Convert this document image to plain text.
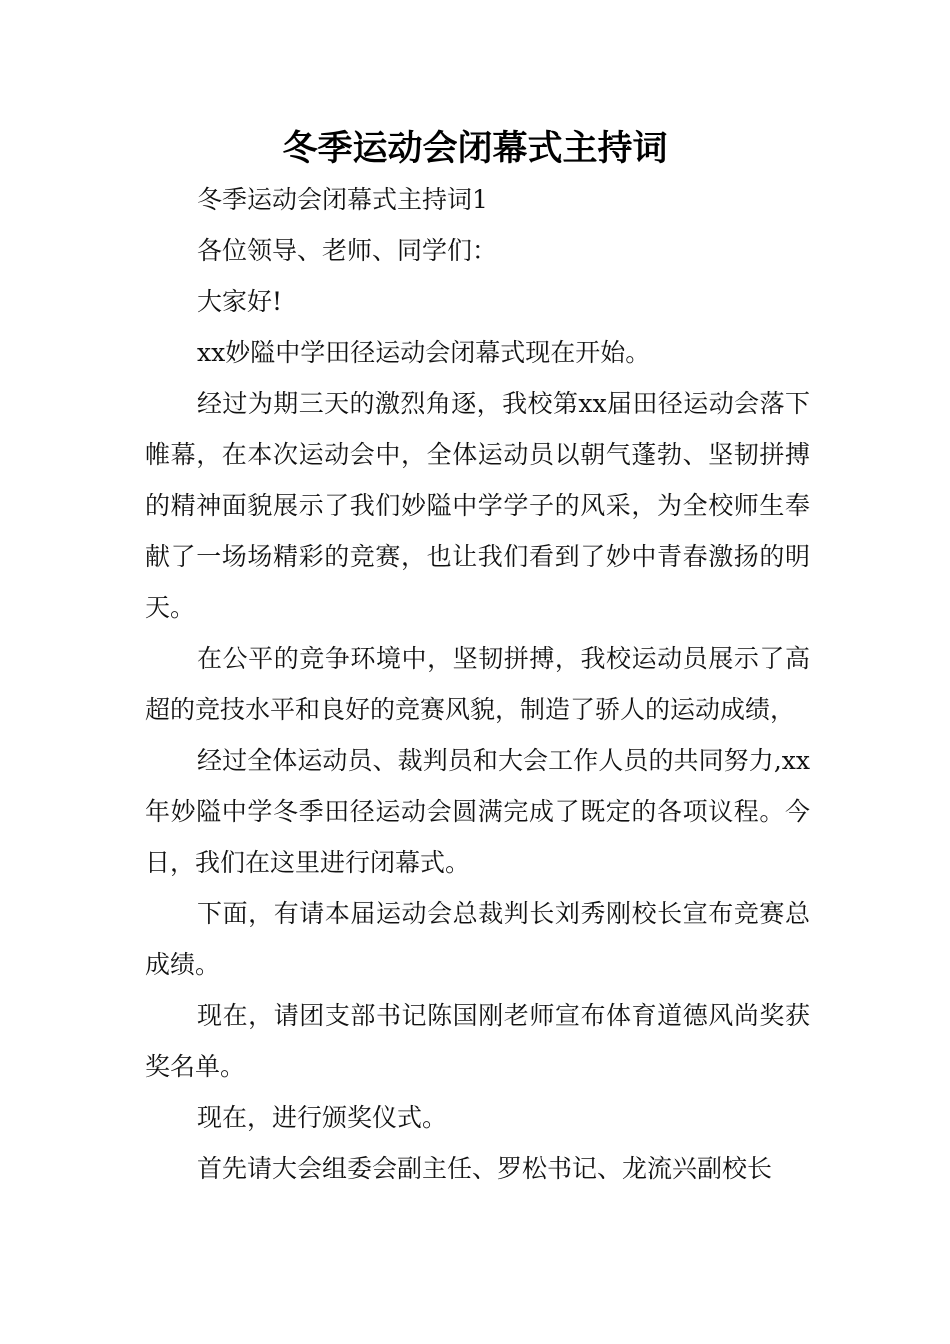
冬季运动会闭幕式主持词

冬季运动会闭幕式主持词1

各位领导、老师、同学们：

大家好!

xx妙隘中学田径运动会闭幕式现在开始。

经过为期三天的激烈角逐，我校第xx届田径运动会落下帷幕，在本次运动会中，全体运动员以朝气蓬勃、坚韧拼搏的精神面貌展示了我们妙隘中学学子的风采，为全校师生奉献了一场场精彩的竞赛，也让我们看到了妙中青春激扬的明天。

在公平的竞争环境中，坚韧拼搏，我校运动员展示了高超的竞技水平和良好的竞赛风貌，制造了骄人的运动成绩，

经过全体运动员、裁判员和大会工作人员的共同努力,xx年妙隘中学冬季田径运动会圆满完成了既定的各项议程。今日，我们在这里进行闭幕式。

下面，有请本届运动会总裁判长刘秀刚校长宣布竞赛总成绩。

现在，请团支部书记陈国刚老师宣布体育道德风尚奖获奖名单。

现在，进行颁奖仪式。

首先请大会组委会副主任、罗松书记、龙流兴副校长
